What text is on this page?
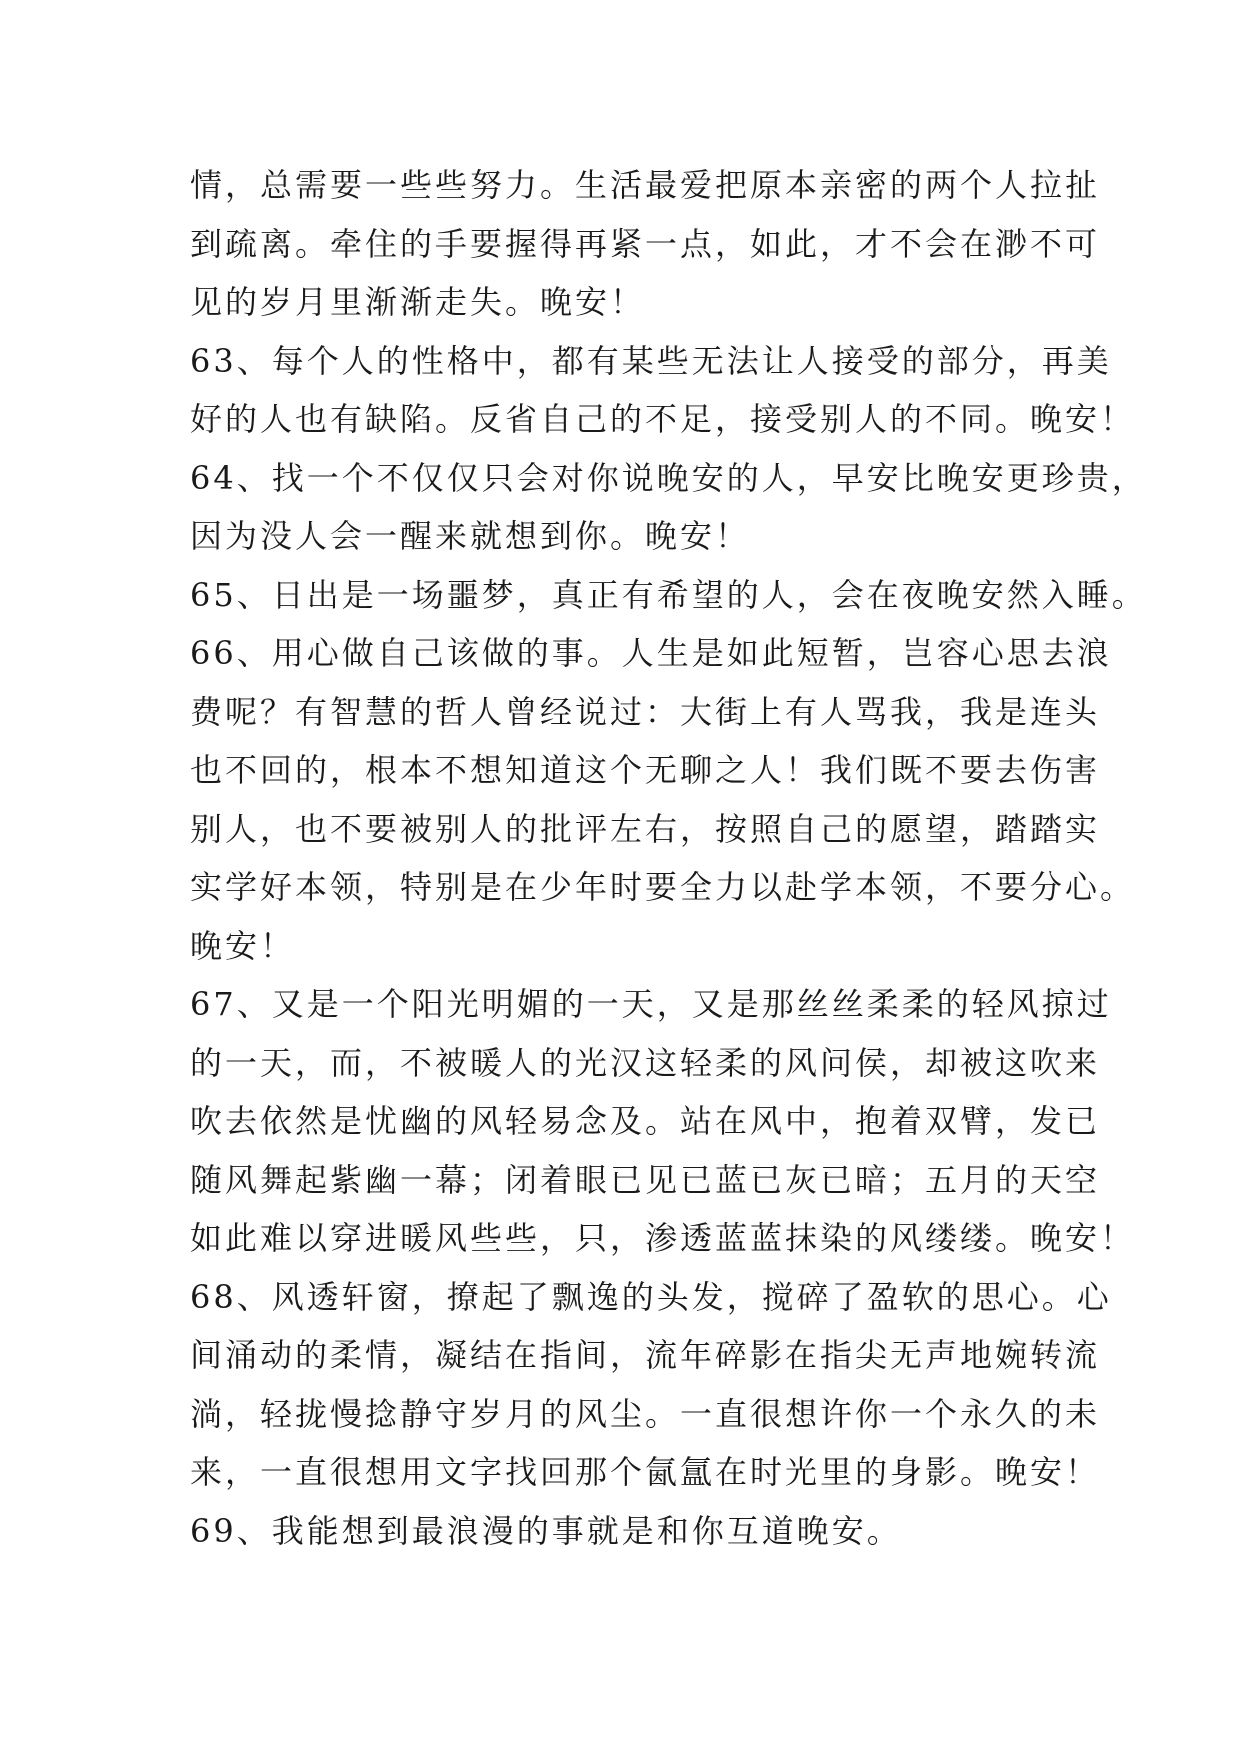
情，总需要一些些努力。生活最爱把原本亲密的两个人拉扯
到疏离。牵住的手要握得再紧一点，如此，才不会在渺不可
见的岁月里渐渐走失。晚安！
63、每个人的性格中，都有某些无法让人接受的部分，再美
好的人也有缺陷。反省自己的不足，接受别人的不同。晚安！
64、找一个不仅仅只会对你说晚安的人，早安比晚安更珍贵，
因为没人会一醒来就想到你。晚安！
65、日出是一场噩梦，真正有希望的人，会在夜晚安然入睡。
66、用心做自己该做的事。人生是如此短暂，岂容心思去浪
费呢？有智慧的哲人曾经说过：大街上有人骂我，我是连头
也不回的，根本不想知道这个无聊之人！我们既不要去伤害
别人，也不要被别人的批评左右，按照自己的愿望，踏踏实
实学好本领，特别是在少年时要全力以赴学本领，不要分心。
晚安！
67、又是一个阳光明媚的一天，又是那丝丝柔柔的轻风掠过
的一天，而，不被暖人的光汉这轻柔的风问侯，却被这吹来
吹去依然是忧幽的风轻易念及。站在风中，抱着双臂，发已
随风舞起紫幽一幕；闭着眼已见已蓝已灰已暗；五月的天空
如此难以穿进暖风些些，只，渗透蓝蓝抹染的风缕缕。晚安！
68、风透轩窗，撩起了飘逸的头发，搅碎了盈软的思心。心
间涌动的柔情，凝结在指间，流年碎影在指尖无声地婉转流
淌，轻拢慢捻静守岁月的风尘。一直很想许你一个永久的未
来，一直很想用文字找回那个氤氲在时光里的身影。晚安！
69、我能想到最浪漫的事就是和你互道晚安。
